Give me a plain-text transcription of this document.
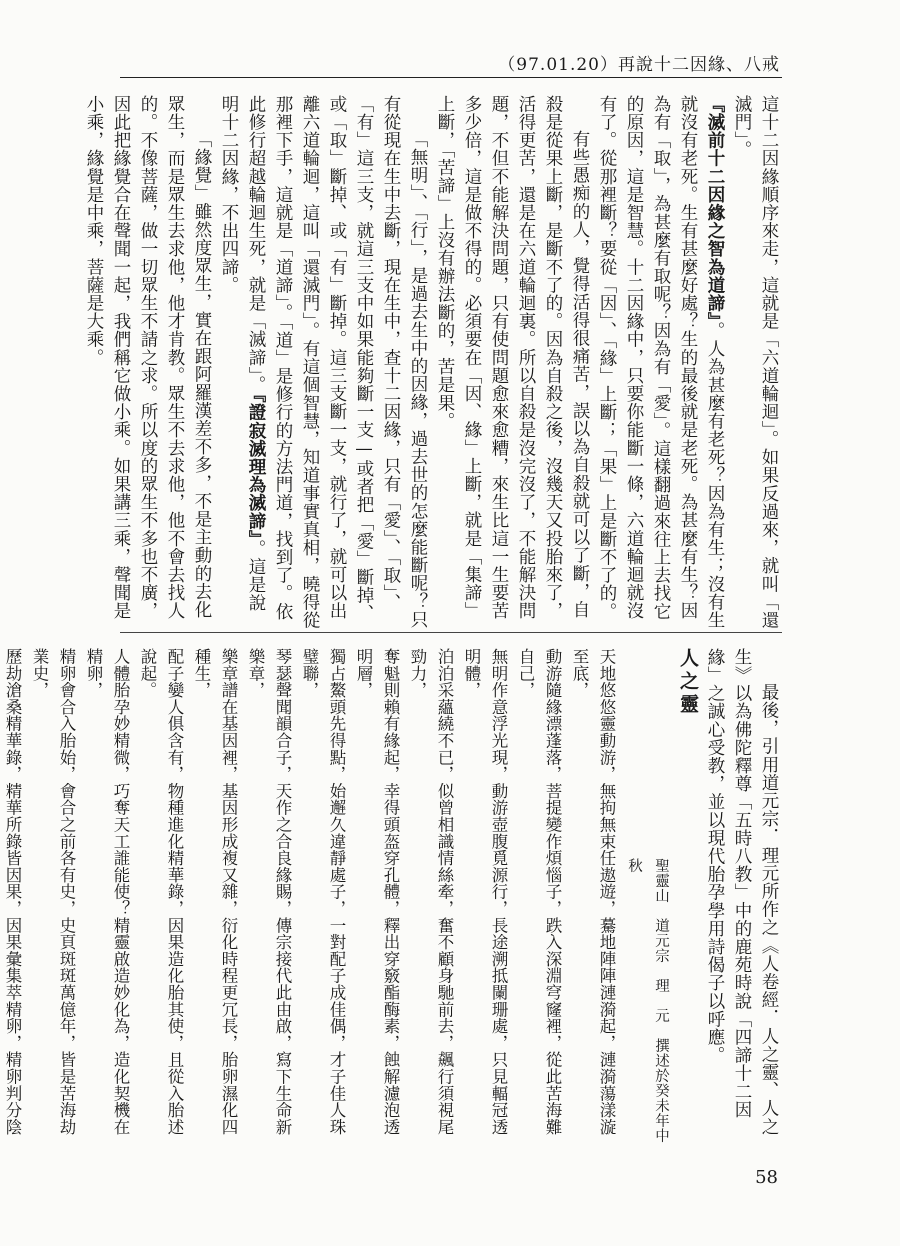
（97.01.20）再說十二因緣、八戒

這十二因緣順序來走，這就是「六道輪迴」。如果反過來，就叫「還滅門」。

『滅前十二因緣之智為道諦』。人為甚麼有老死？因為有生；沒有生就沒有老死。生有甚麼好處？生的最後就是老死。為甚麼有生？因為有「取」，為甚麼有取呢？因為有「愛」。這樣翻過來往上去找它的原因，這是智慧。十二因緣中，只要你能斷一條，六道輪迴就沒有了。從那裡斷？要從「因」、「緣」上斷；「果」上是斷不了的。

有些愚痴的人，覺得活得很痛苦，誤以為自殺就可以了斷，自殺是從果上斷，是斷不了的。因為自殺之後，沒幾天又投胎來了，活得更苦，還是在六道輪迴裏。所以自殺是沒完沒了，不能解決問題，不但不能解決問題，只有使問題愈來愈糟，來生比這一生要苦多少倍，這是做不得的。必須要在「因、緣」上斷，就是「集諦」上斷，「苦諦」上沒有辦法斷的，苦是果。

「無明」、「行」，是過去生中的因緣，過去世的怎麼能斷呢？只有從現在生中去斷，現在生中，查十二因緣，只有「愛」、「取」、「有」這三支，就這三支中如果能夠斷一支—或者把「愛」斷掉、或「取」斷掉、或「有」斷掉。這三支斷一支，就行了，就可以出離六道輪迴，這叫「還滅門」。有這個智慧，知道事實真相，曉得從那裡下手，這就是「道諦」。「道」是修行的方法門道，找到了。依此修行超越輪迴生死，就是「滅諦」。『證寂滅理為滅諦』。這是說

明十二因緣，不出四諦。

「緣覺」雖然度眾生，實在跟阿羅漢差不多，不是主動的去化眾生，而是眾生去求他，他才肯教。眾生不去求他，他不會去找人的。不像菩薩，做一切眾生不請之求。所以度的眾生不多也不廣，因此把緣覺合在聲聞一起，我們稱它做小乘。如果講三乘，聲聞是小乘，緣覺是中乘，菩薩是大乘。

最後，引用道元宗．理元所作之《人卷經．人之靈、人之生》以為佛陀釋尊「五時八教」中的鹿苑時說「四諦十二因緣」之誠心受教，並以現代胎孕學用詩偈子以呼應。

人之靈
聖靈山　道元宗　理　元　撰述於癸未年中秋

天地悠悠靈動游，無拘無束任遨遊，驀地陣陣漣漪起，漣漪蕩漾漩至底，

動游隨緣漂蓬落，菩提變作煩惱子，跌入深淵穹窿裡，從此苦海難自己，

無明作意浮光現，動游壺腹覓源行，長途溯抵闌珊處，只見輻冠透明體，

泊泊采蘊繞不已，似曾相識情絲牽，奮不顧身馳前去，飆行須視尾勁力，

奪魁則賴有緣起，幸得頭盔穿孔體，釋出穿竅酯酶素，蝕解濾泡透明層，

獨占鰲頭先得點，始邂久違靜處子，一對配子成佳偶，才子佳人珠璧聯，

琴瑟聲聞韻合子，天作之合良緣賜，傳宗接代此由啟，寫下生命新樂章，

樂章譜在基因裡，基因形成複又雜，衍化時程更冗長，胎卵濕化四種生，

配子孌人俱含有，物種進化精華錄，因果造化胎其使，且從入胎述說起。

人體胎孕妙精微，巧奪天工誰能使？精靈啟造妙化為，造化契機在精卵，

精卵會合入胎始，會合之前各有史，史頁斑斑萬億年，皆是苦海劫業史，

歷劫滄桑精華錄，精華所錄皆因果，因果彙集萃精卵，精卵判分陰

58
